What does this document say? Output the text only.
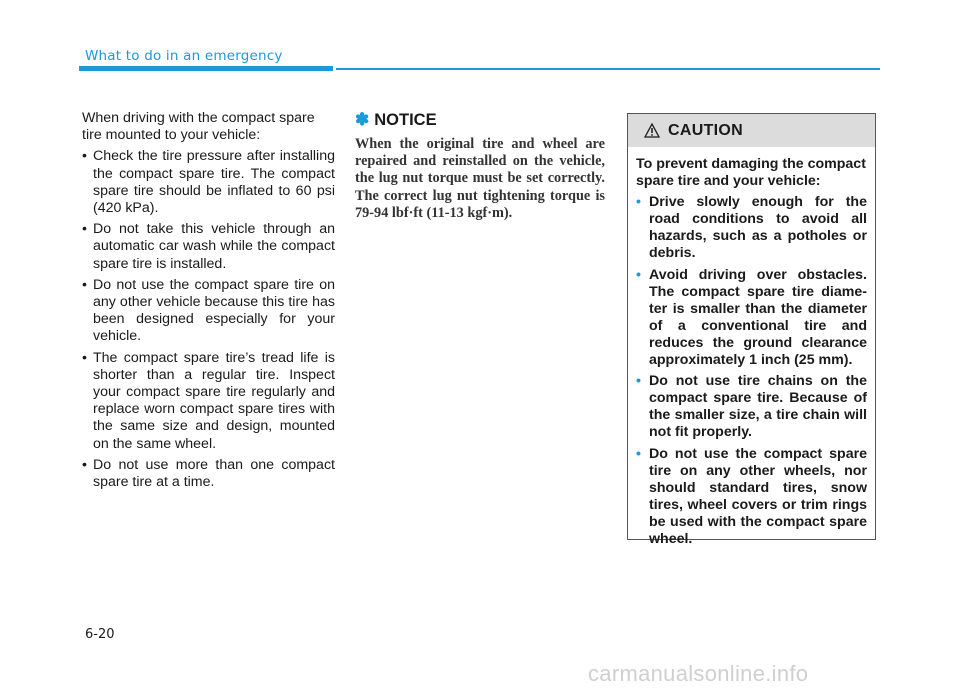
What to do in an emergency

When driving with the compact spare tire mounted to your vehicle:

• Check the tire pressure after installing the compact spare tire. The compact spare tire should be inflated to 60 psi (420 kPa).
• Do not take this vehicle through an automatic car wash while the compact spare tire is installed.
• Do not use the compact spare tire on any other vehicle because this tire has been designed especially for your vehicle.
• The compact spare tire’s tread life is shorter than a regular tire. Inspect your compact spare tire regularly and replace worn compact spare tires with the same size and design, mounted on the same wheel.
• Do not use more than one compact spare tire at a time.
✽ NOTICE
When the original tire and wheel are repaired and reinstalled on the vehicle, the lug nut torque must be set correctly. The correct lug nut tightening torque is 79-94 lbf·ft (11-13 kgf·m).
CAUTION

To prevent damaging the compact spare tire and your vehicle:

• Drive slowly enough for the road conditions to avoid all hazards, such as a potholes or debris.
• Avoid driving over obstacles. The compact spare tire diameter is smaller than the diameter of a conventional tire and reduces the ground clearance approximately 1 inch (25 mm).
• Do not use tire chains on the compact spare tire. Because of the smaller size, a tire chain will not fit properly.
• Do not use the compact spare tire on any other wheels, nor should standard tires, snow tires, wheel covers or trim rings be used with the compact spare wheel.
6-20
carmanualsonline.info
